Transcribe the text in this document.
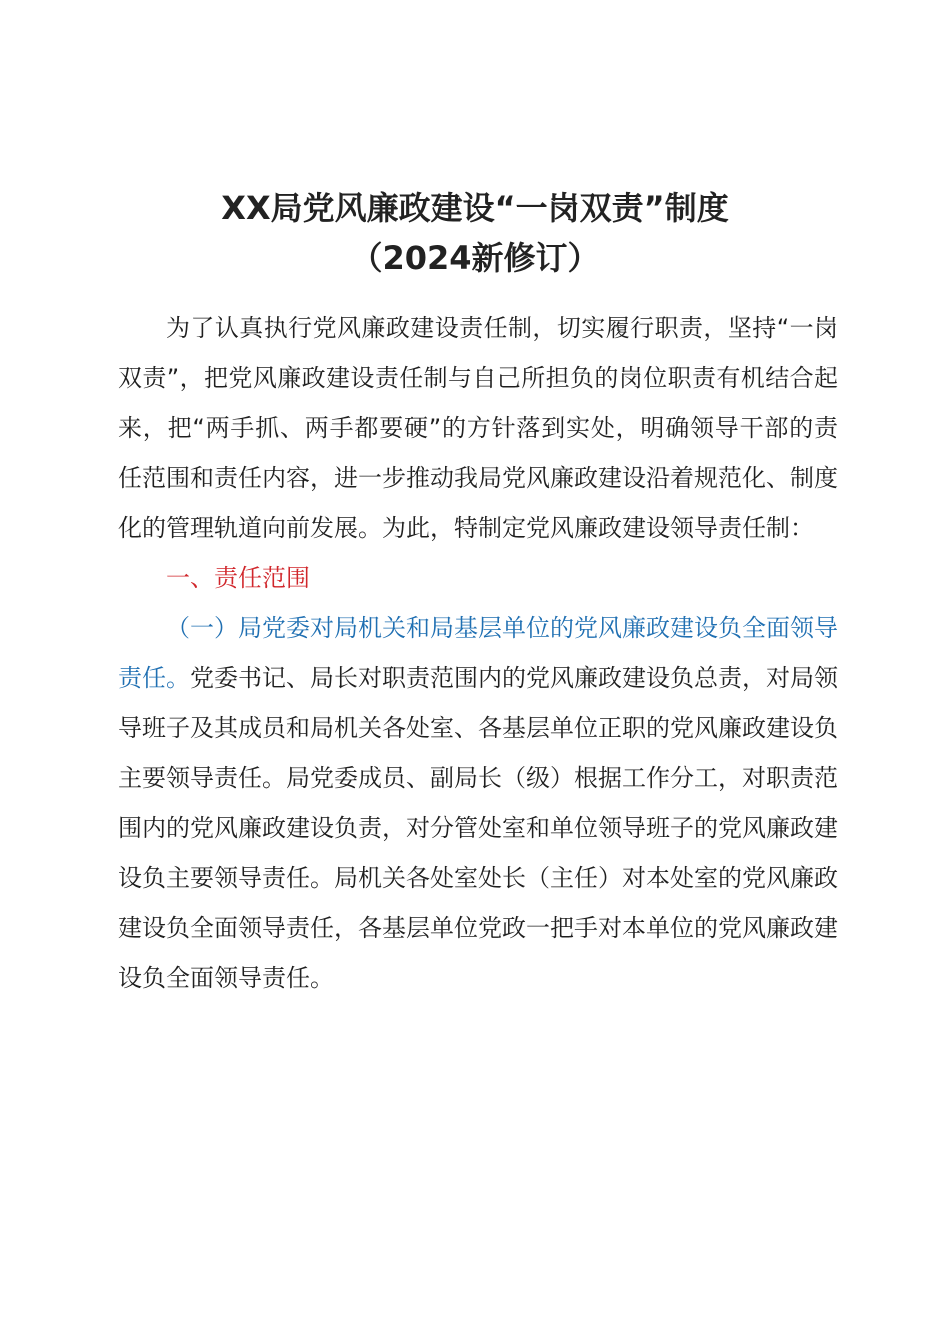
XX局党风廉政建设“一岗双责”制度
（2024新修订）

为了认真执行党风廉政建设责任制，切实履行职责，坚持“一岗双责”，把党风廉政建设责任制与自己所担负的岗位职责有机结合起来，把“两手抓、两手都要硬”的方针落到实处，明确领导干部的责任范围和责任内容，进一步推动我局党风廉政建设沿着规范化、制度化的管理轨道向前发展。为此，特制定党风廉政建设领导责任制：

一、责任范围

（一）局党委对局机关和局基层单位的党风廉政建设负全面领导责任。党委书记、局长对职责范围内的党风廉政建设负总责，对局领导班子及其成员和局机关各处室、各基层单位正职的党风廉政建设负主要领导责任。局党委成员、副局长（级）根据工作分工，对职责范围内的党风廉政建设负责，对分管处室和单位领导班子的党风廉政建设负主要领导责任。局机关各处室处长（主任）对本处室的党风廉政建设负全面领导责任，各基层单位党政一把手对本单位的党风廉政建设负全面领导责任。
